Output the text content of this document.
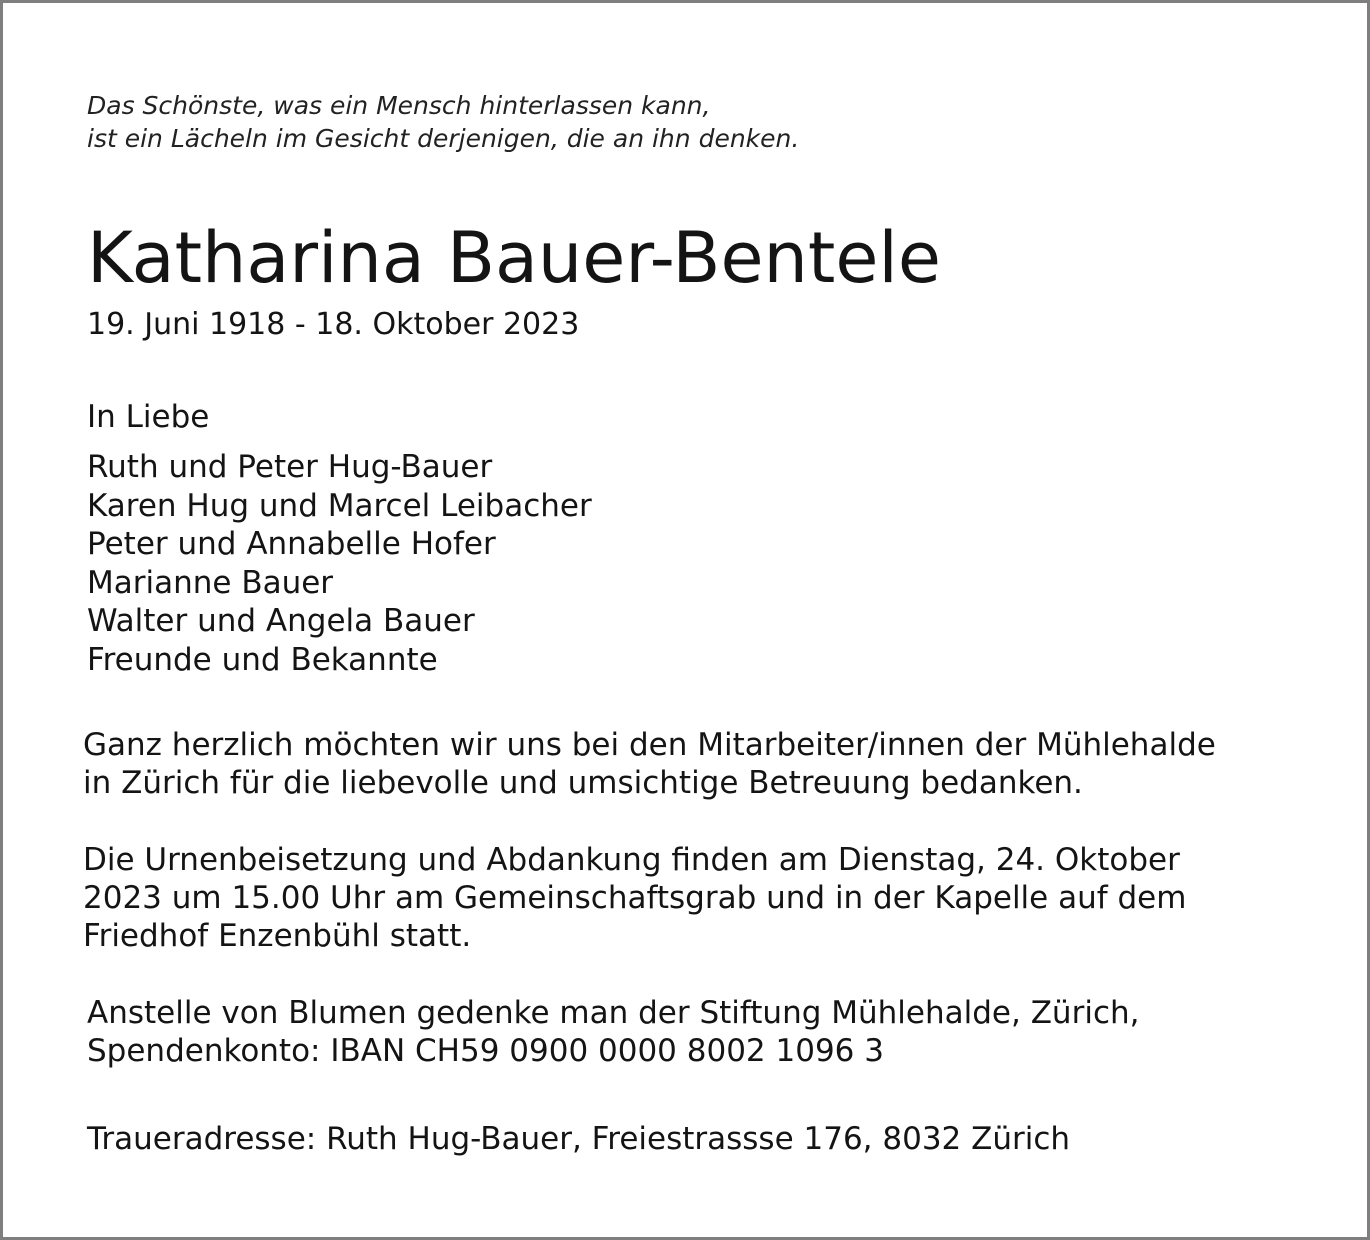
Das Schönste, was ein Mensch hinterlassen kann,
ist ein Lächeln im Gesicht derjenigen, die an ihn denken.
Katharina Bauer-Bentele
19. Juni 1918 - 18. Oktober 2023
In Liebe
Ruth und Peter Hug-Bauer
Karen Hug und Marcel Leibacher
Peter und Annabelle Hofer
Marianne Bauer
Walter und Angela Bauer
Freunde und Bekannte
Ganz herzlich möchten wir uns bei den Mitarbeiter/innen der Mühlehalde
in Zürich für die liebevolle und umsichtige Betreuung bedanken.
Die Urnenbeisetzung und Abdankung finden am Dienstag, 24. Oktober
2023 um 15.00 Uhr am Gemeinschaftsgrab und in der Kapelle auf dem
Friedhof Enzenbühl statt.
Anstelle von Blumen gedenke man der Stiftung Mühlehalde, Zürich,
Spendenkonto: IBAN CH59 0900 0000 8002 1096 3
Traueradresse: Ruth Hug-Bauer, Freiestrassse 176, 8032 Zürich
